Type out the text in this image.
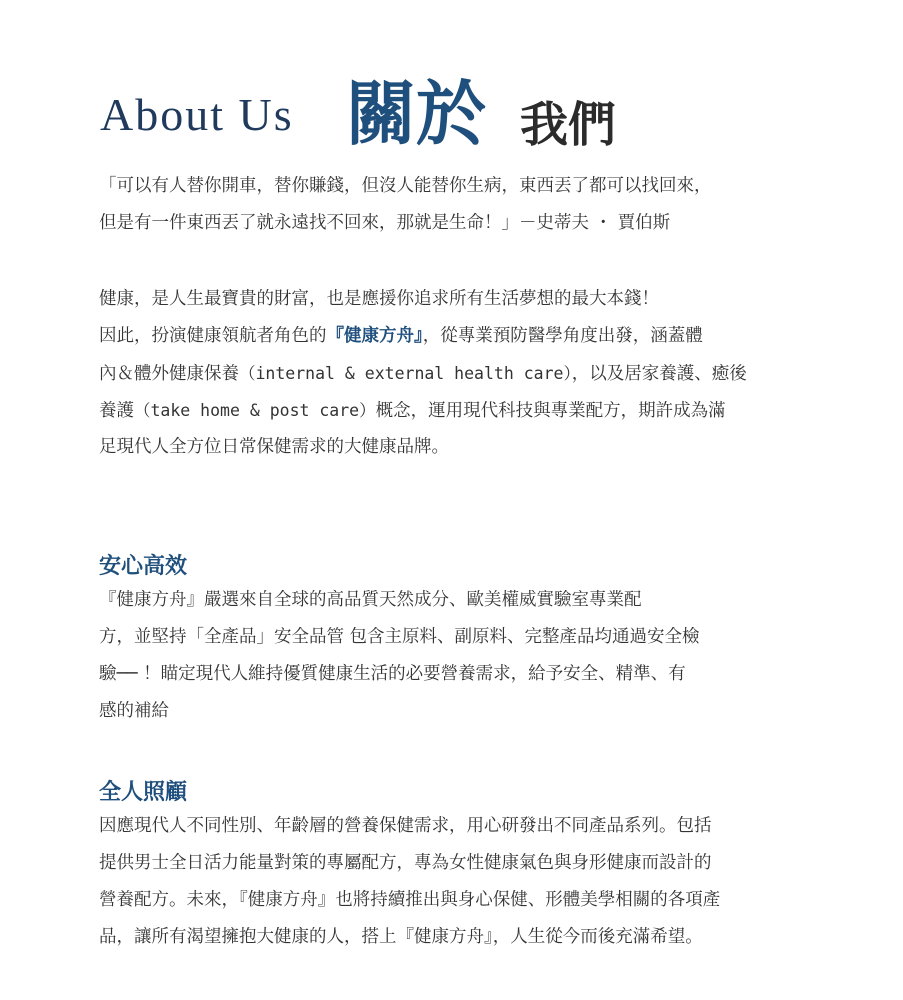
About Us 關於 我們
「可以有人替你開車，替你賺錢，但沒人能替你生病，東西丟了都可以找回來，
但是有一件東西丟了就永遠找不回來，那就是生命！」－史蒂夫 ・ 賈伯斯
健康，是人生最寶貴的財富，也是應援你追求所有生活夢想的最大本錢！
因此，扮演健康領航者角色的『健康方舟』，從專業預防醫學角度出發，涵蓋體
內＆體外健康保養（internal & external health care），以及居家養護、癒後
養護（take home & post care）概念，運用現代科技與專業配方，期許成為滿
足現代人全方位日常保健需求的大健康品牌。
安心高效
『健康方舟』嚴選來自全球的高品質天然成分、歐美權威實驗室專業配
方，並堅持「全產品」安全品管 包含主原料、副原料、完整產品均通過安全檢
驗── ！瞄定現代人維持優質健康生活的必要營養需求，給予安全、精準、有
感的補給
全人照顧
因應現代人不同性別、年齡層的營養保健需求，用心研發出不同產品系列。包括
提供男士全日活力能量對策的專屬配方，專為女性健康氣色與身形健康而設計的
營養配方。未來，『健康方舟』也將持續推出與身心保健、形體美學相關的各項產
品，讓所有渴望擁抱大健康的人，搭上『健康方舟』，人生從今而後充滿希望。
